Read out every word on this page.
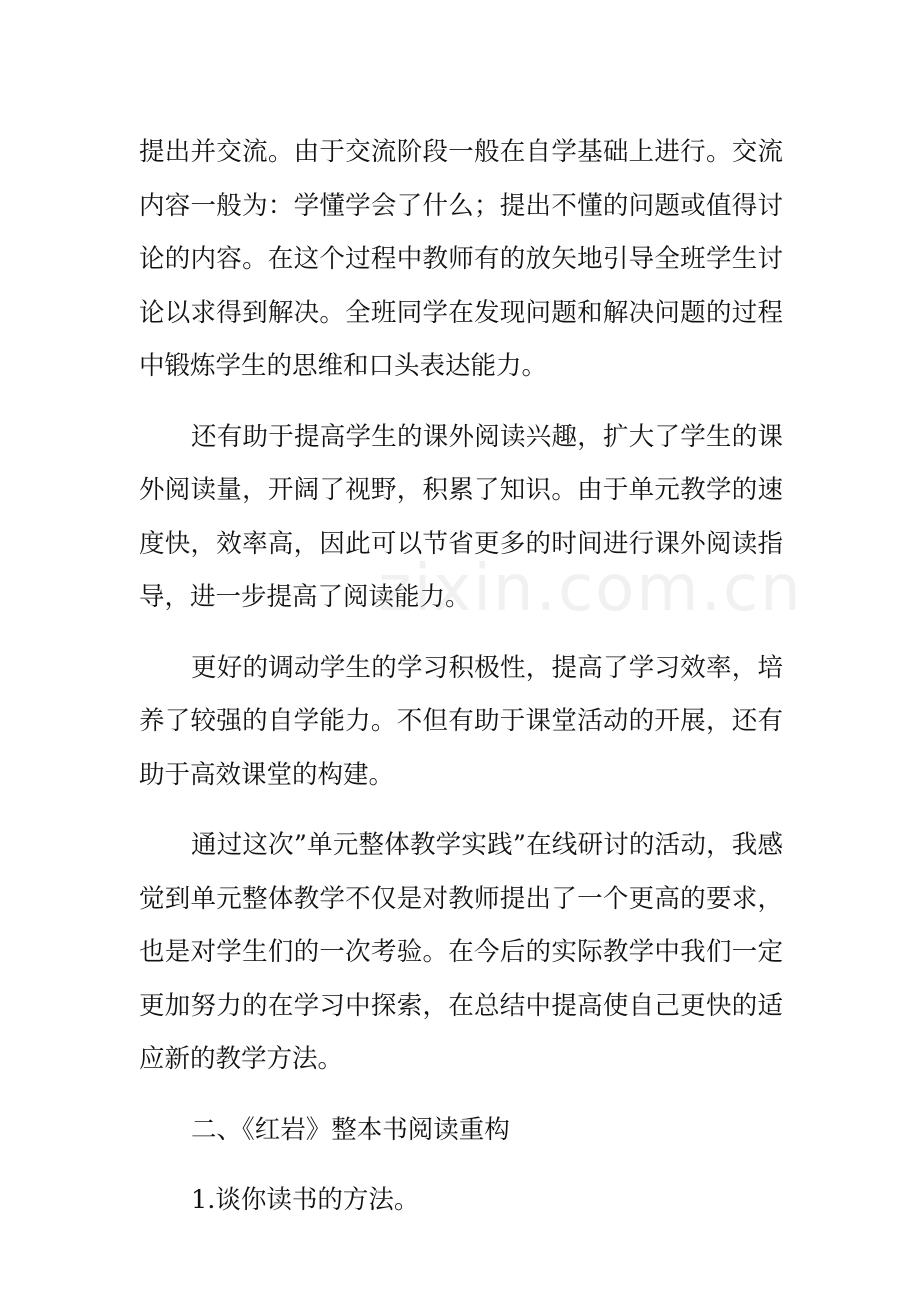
提出并交流。由于交流阶段一般在自学基础上进行。交流内容一般为：学懂学会了什么；提出不懂的问题或值得讨论的内容。在这个过程中教师有的放矢地引导全班学生讨论以求得到解决。全班同学在发现问题和解决问题的过程中锻炼学生的思维和口头表达能力。

还有助于提高学生的课外阅读兴趣，扩大了学生的课外阅读量，开阔了视野，积累了知识。由于单元教学的速度快，效率高，因此可以节省更多的时间进行课外阅读指导，进一步提高了阅读能力。

更好的调动学生的学习积极性，提高了学习效率，培养了较强的自学能力。不但有助于课堂活动的开展，还有助于高效课堂的构建。

通过这次”单元整体教学实践”在线研讨的活动，我感觉到单元整体教学不仅是对教师提出了一个更高的要求，也是对学生们的一次考验。在今后的实际教学中我们一定更加努力的在学习中探索，在总结中提高使自己更快的适应新的教学方法。

二、《红岩》整本书阅读重构

1.谈你读书的方法。

zixin.com.cn
